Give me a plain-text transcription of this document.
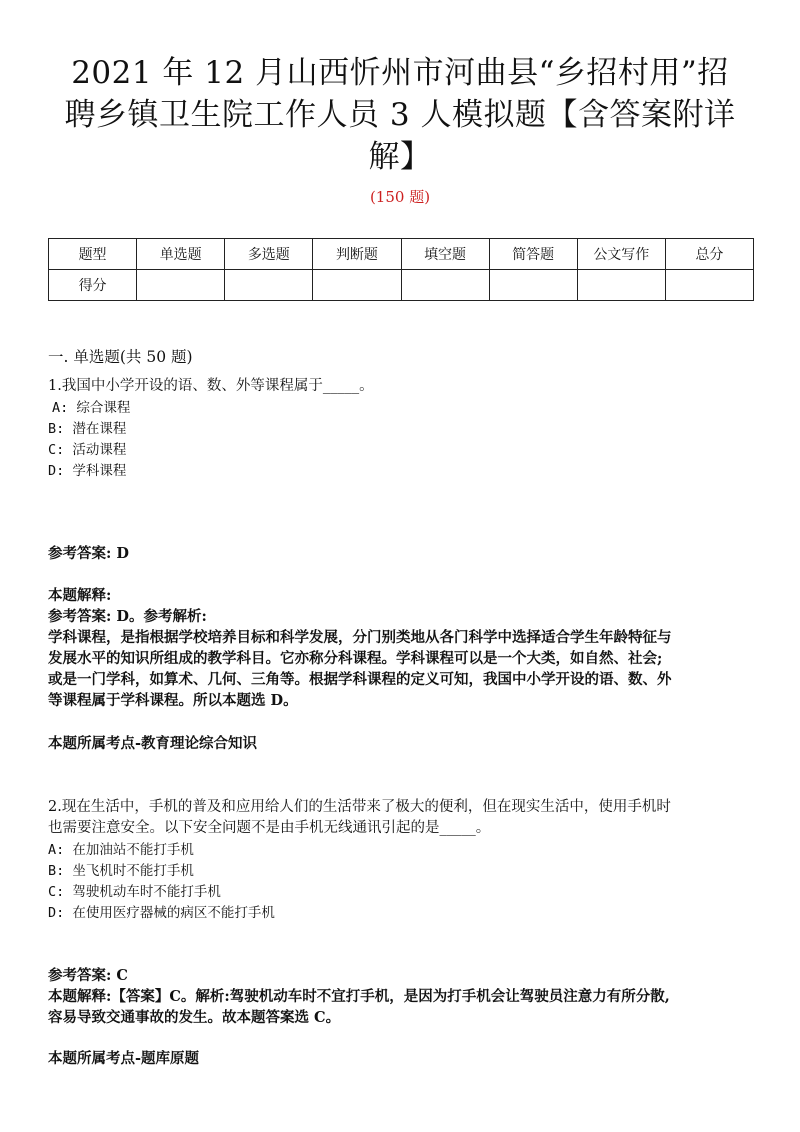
2021 年 12 月山西忻州市河曲县“乡招村用”招
聘乡镇卫生院工作人员 3 人模拟题【含答案附详
解】
(150 题)
题型	单选题	多选题	判断题	填空题	简答题	公文写作	总分
得分							
一. 单选题(共 50 题)
1.我国中小学开设的语、数、外等课程属于_____。
A: 综合课程
B: 潜在课程
C: 活动课程
D: 学科课程
参考答案: D
本题解释:
参考答案: D。参考解析:
学科课程，是指根据学校培养目标和科学发展，分门别类地从各门科学中选择适合学生年龄特征与
发展水平的知识所组成的教学科目。它亦称分科课程。学科课程可以是一个大类，如自然、社会;
或是一门学科，如算术、几何、三角等。根据学科课程的定义可知，我国中小学开设的语、数、外
等课程属于学科课程。所以本题选 D。
本题所属考点-教育理论综合知识
2.现在生活中，手机的普及和应用给人们的生活带来了极大的便利，但在现实生活中，使用手机时
也需要注意安全。以下安全问题不是由手机无线通讯引起的是_____。
A: 在加油站不能打手机
B: 坐飞机时不能打手机
C: 驾驶机动车时不能打手机
D: 在使用医疗器械的病区不能打手机
参考答案: C
本题解释:【答案】C。解析:驾驶机动车时不宜打手机，是因为打手机会让驾驶员注意力有所分散,
容易导致交通事故的发生。故本题答案选 C。
本题所属考点-题库原题
